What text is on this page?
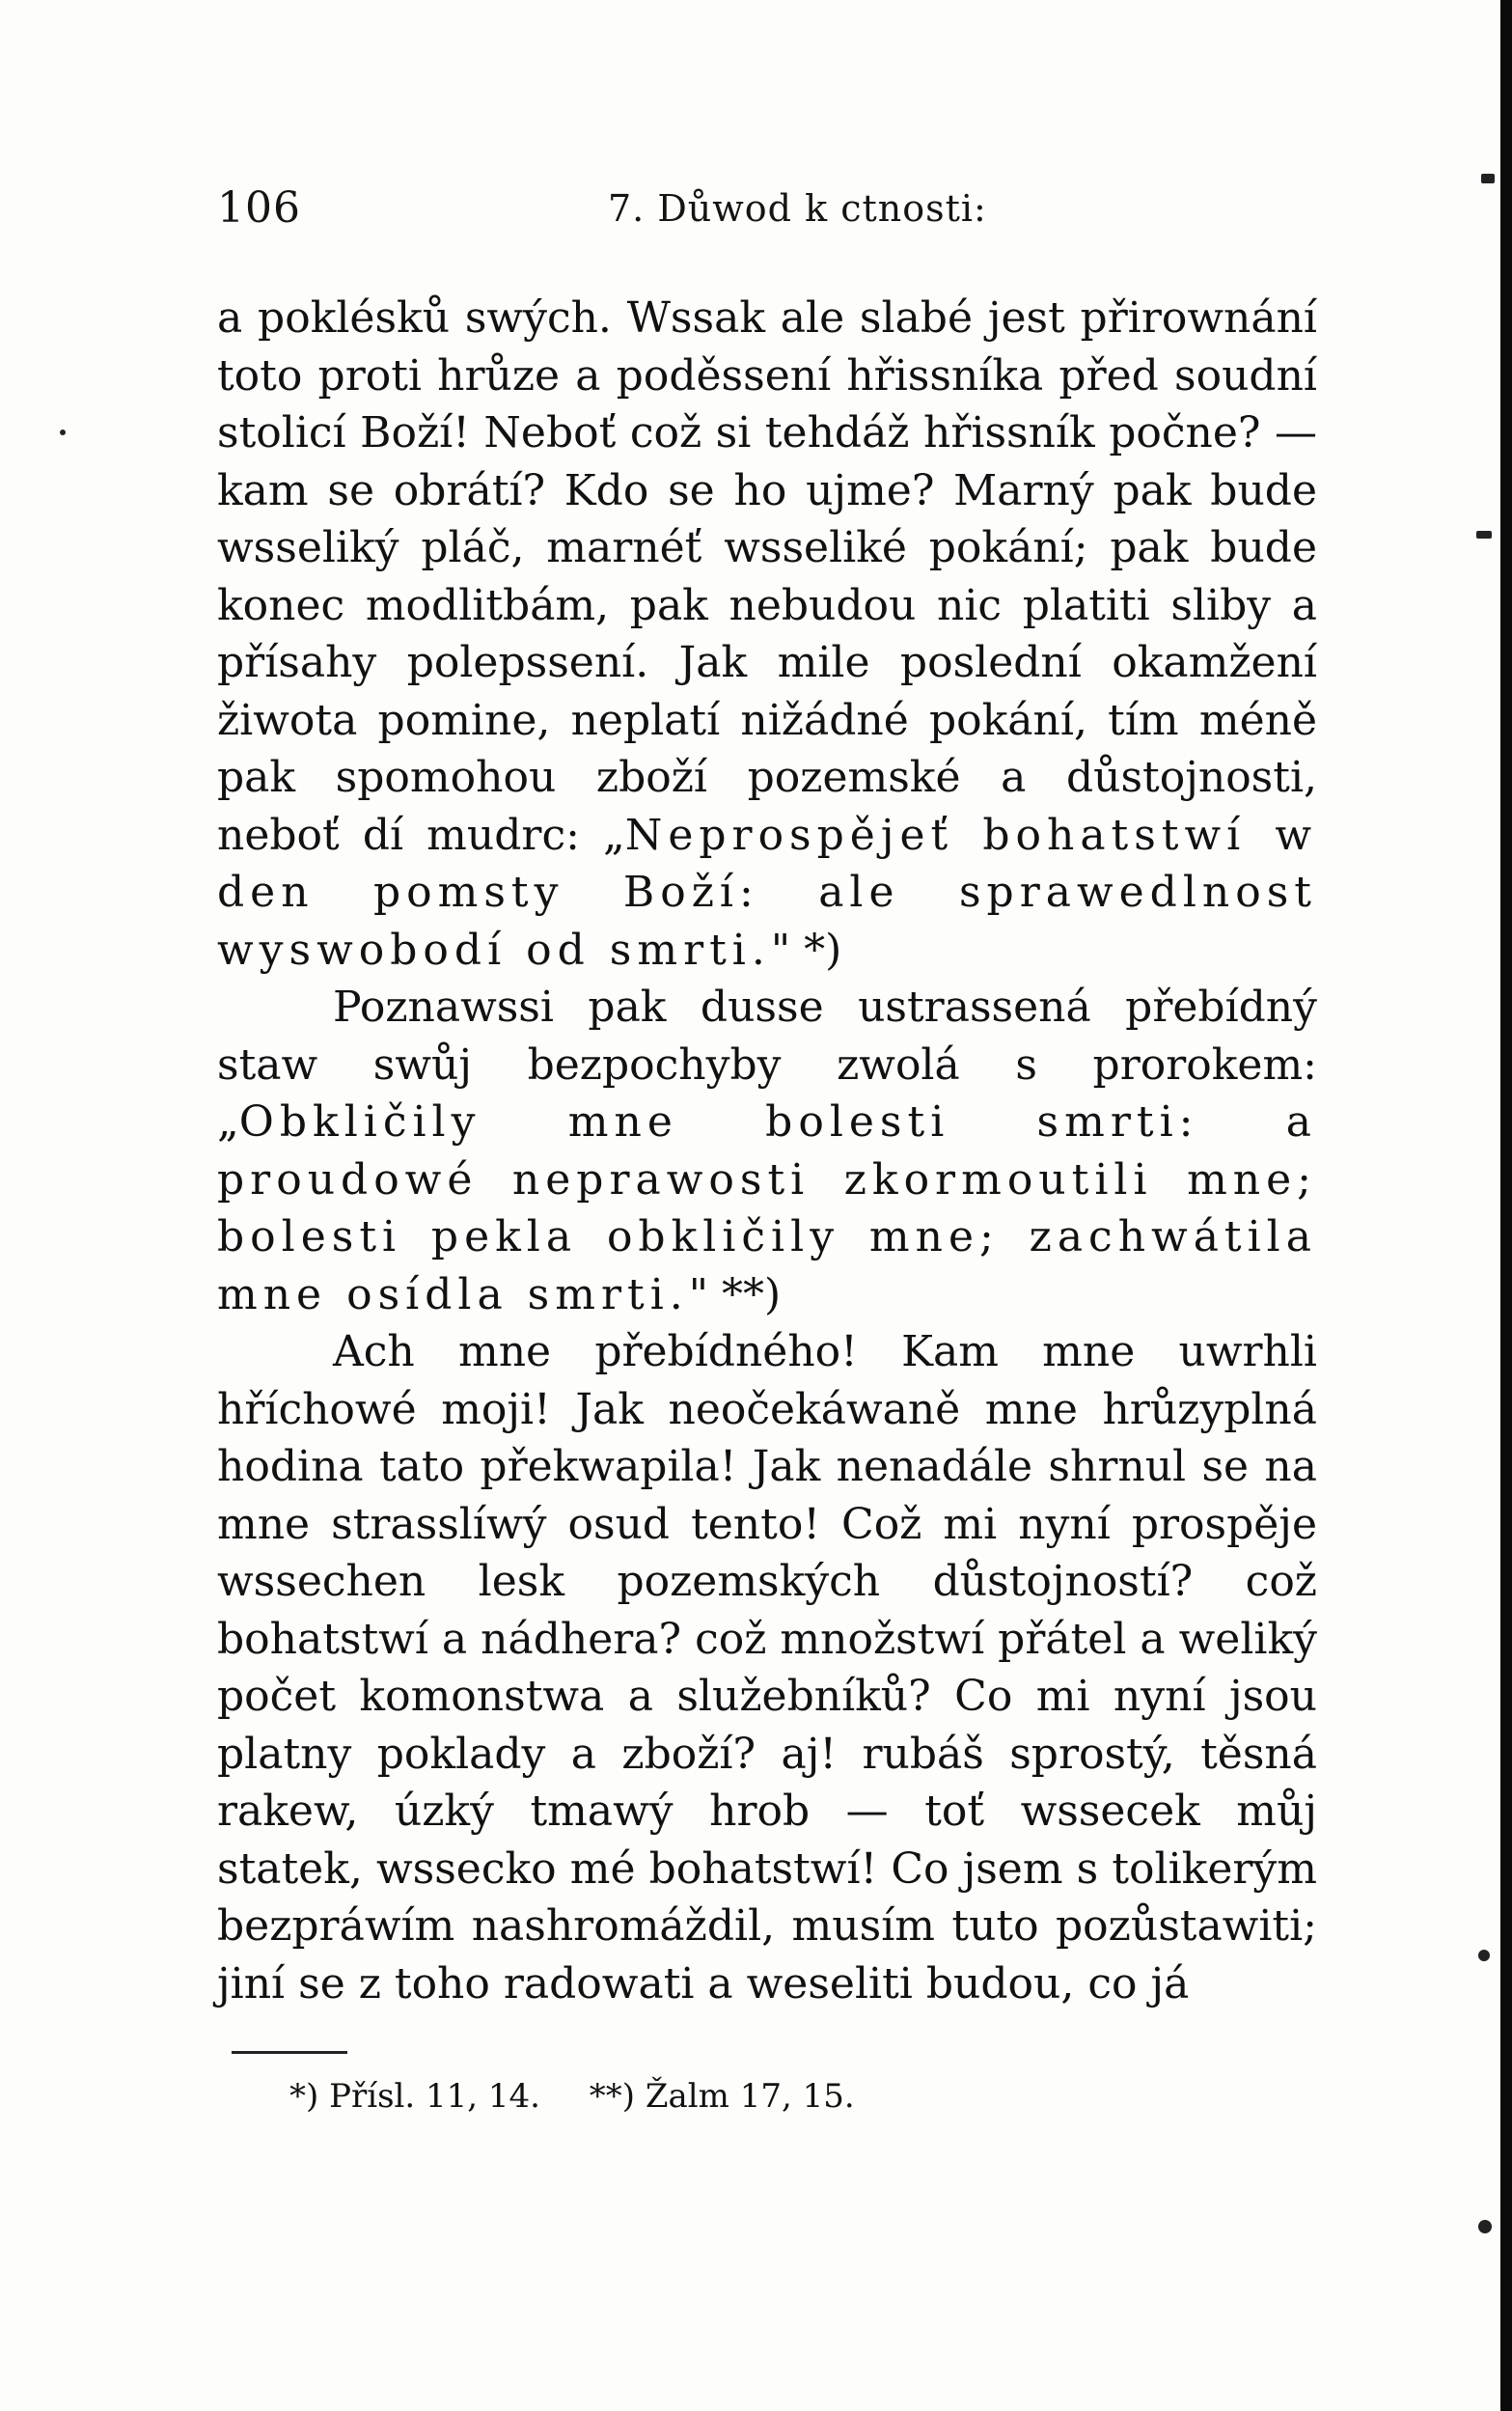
106	7. Důwod k ctnosti:

a poklésků swých. Wssak ale slabé jest přirownání toto proti hrůze a poděssení hřissníka před soudní stolicí Boží! Neboť což si tehdáž hřissník počne? — kam se obrátí? Kdo se ho ujme? Marný pak bude wsseliký pláč, marnéť wsseliké pokání; pak bude konec modlitbám, pak nebudou nic platiti sliby a přísahy polepssení. Jak mile poslední okamžení žiwota pomine, neplatí nižádné pokání, tím méně pak spomohou zboží pozemské a důstojnosti, neboť dí mudrc: „Neprospějeť bohatstwí w den pomsty Boží: ale sprawedlnost wyswobodí od smrti." *)

Poznawssi pak dusse ustrassená přebídný staw swůj bezpochyby zwolá s prorokem: „Obkličily mne bolesti smrti: a proudowé neprawosti zkormoutili mne; bolesti pekla obkličily mne; zachwátila mne osídla smrti." **)

Ach mne přebídného! Kam mne uwrhli hříchowé moji! Jak neočekáwaně mne hrůzyplná hodina tato překwapila! Jak nenadále shrnul se na mne strasslíwý osud tento! Což mi nyní prospěje wssechen lesk pozemských důstojností? což bohatstwí a nádhera? což množstwí přátel a weliký počet komonstwa a služebníků? Co mi nyní jsou platny poklady a zboží? aj! rubáš sprostý, těsná rakew, úzký tmawý hrob — toť wssecek můj statek, wssecko mé bohatstwí! Co jsem s tolikerým bezpráwím nashromáždil, musím tuto pozůstawiti; jiní se z toho radowati a weseliti budou, co já

*) Přísl. 11, 14. **) Žalm 17, 15.
